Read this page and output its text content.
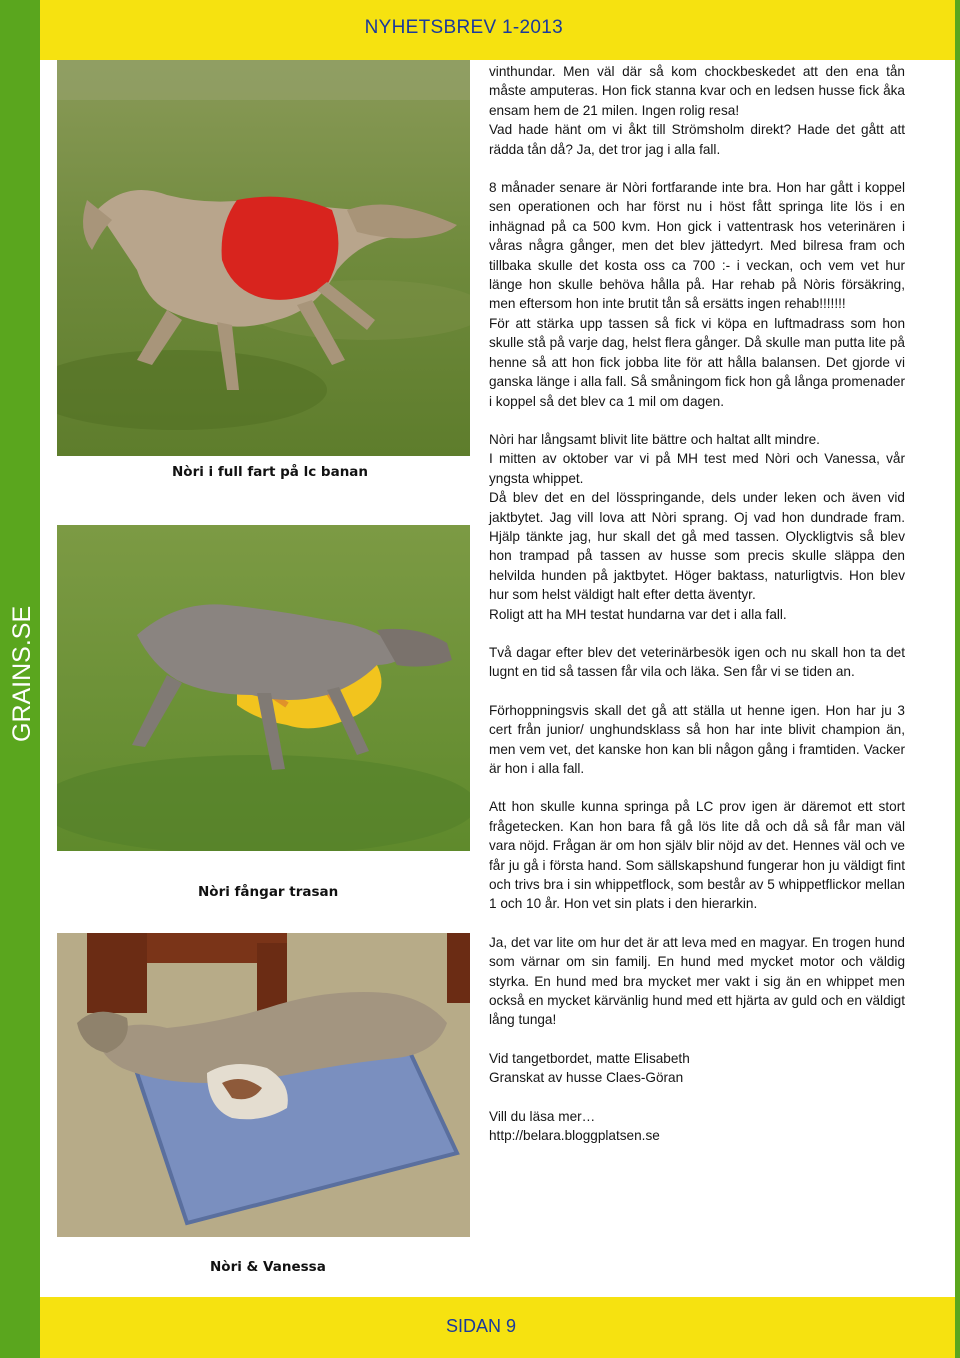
NYHETSBREV 1-2013
SIDAN 9
GRAINS.SE
Nòri i full fart på lc banan
Nòri fångar trasan
Nòri & Vanessa

vinthundar. Men väl där så kom chockbeskedet att den ena tån måste amputeras. Hon fick stanna kvar och en ledsen husse fick åka ensam hem de 21 milen. Ingen rolig resa!
Vad hade hänt om vi åkt till Strömsholm direkt? Hade det gått att rädda tån då? Ja, det tror jag i alla fall.

8 månader senare är Nòri fortfarande inte bra. Hon har gått i koppel sen operationen och har först nu i höst fått springa lite lös i en inhägnad på ca 500 kvm. Hon gick i vattentrask hos veterinären i våras några gånger, men det blev jättedyrt. Med bilresa fram och tillbaka skulle det kosta oss ca 700 :- i veckan, och vem vet hur länge hon skulle behöva hålla på. Har rehab på Nòris försäkring, men eftersom hon inte brutit tån så ersätts ingen rehab!!!!!!!
För att stärka upp tassen så fick vi köpa en luftmadrass som hon skulle stå på varje dag, helst flera gånger. Då skulle man putta lite på henne så att hon fick jobba lite för att hålla balansen. Det gjorde vi ganska länge i alla fall. Så småningom fick hon gå långa promenader i koppel så det blev ca 1 mil om dagen.

Nòri har långsamt blivit lite bättre och haltat allt mindre.
I mitten av oktober var vi på MH test med Nòri och Vanessa, vår yngsta whippet.
Då blev det en del lösspringande, dels under leken och även vid jaktbytet. Jag vill lova att Nòri sprang. Oj vad hon dundrade fram. Hjälp tänkte jag, hur skall det gå med tassen. Olyckligtvis så blev hon trampad på tassen av husse som precis skulle släppa den helvilda hunden på jaktbytet. Höger baktass, naturligtvis. Hon blev hur som helst väldigt halt efter detta äventyr.
Roligt att ha MH testat hundarna var det i alla fall.

Två dagar efter blev det veterinärbesök igen och nu skall hon ta det lugnt en tid så tassen får vila och läka. Sen får vi se tiden an.

Förhoppningsvis skall det gå att ställa ut henne igen. Hon har ju 3 cert från junior/ unghundsklass så hon har inte blivit champion än, men vem vet, det kanske hon kan bli någon gång i framtiden. Vacker är hon i alla fall.

Att hon skulle kunna springa på LC prov igen är däremot ett stort frågetecken. Kan hon bara få gå lös lite då och då så får man väl vara nöjd. Frågan är om hon själv blir nöjd av det. Hennes väl och ve får ju gå i första hand. Som sällskapshund fungerar hon ju väldigt fint och trivs bra i sin whippetflock, som består av 5 whippetflickor mellan 1 och 10 år. Hon vet sin plats i den hierarkin.

Ja, det var lite om hur det är att leva med en magyar. En trogen hund som värnar om sin familj. En hund med mycket motor och väldig styrka. En hund med bra mycket mer vakt i sig än en whippet men också en mycket kärvänlig hund med ett hjärta av guld och en väldigt lång tunga!

Vid tangetbordet, matte Elisabeth
Granskat av husse Claes-Göran

Vill du läsa mer…
http://belara.bloggplatsen.se
